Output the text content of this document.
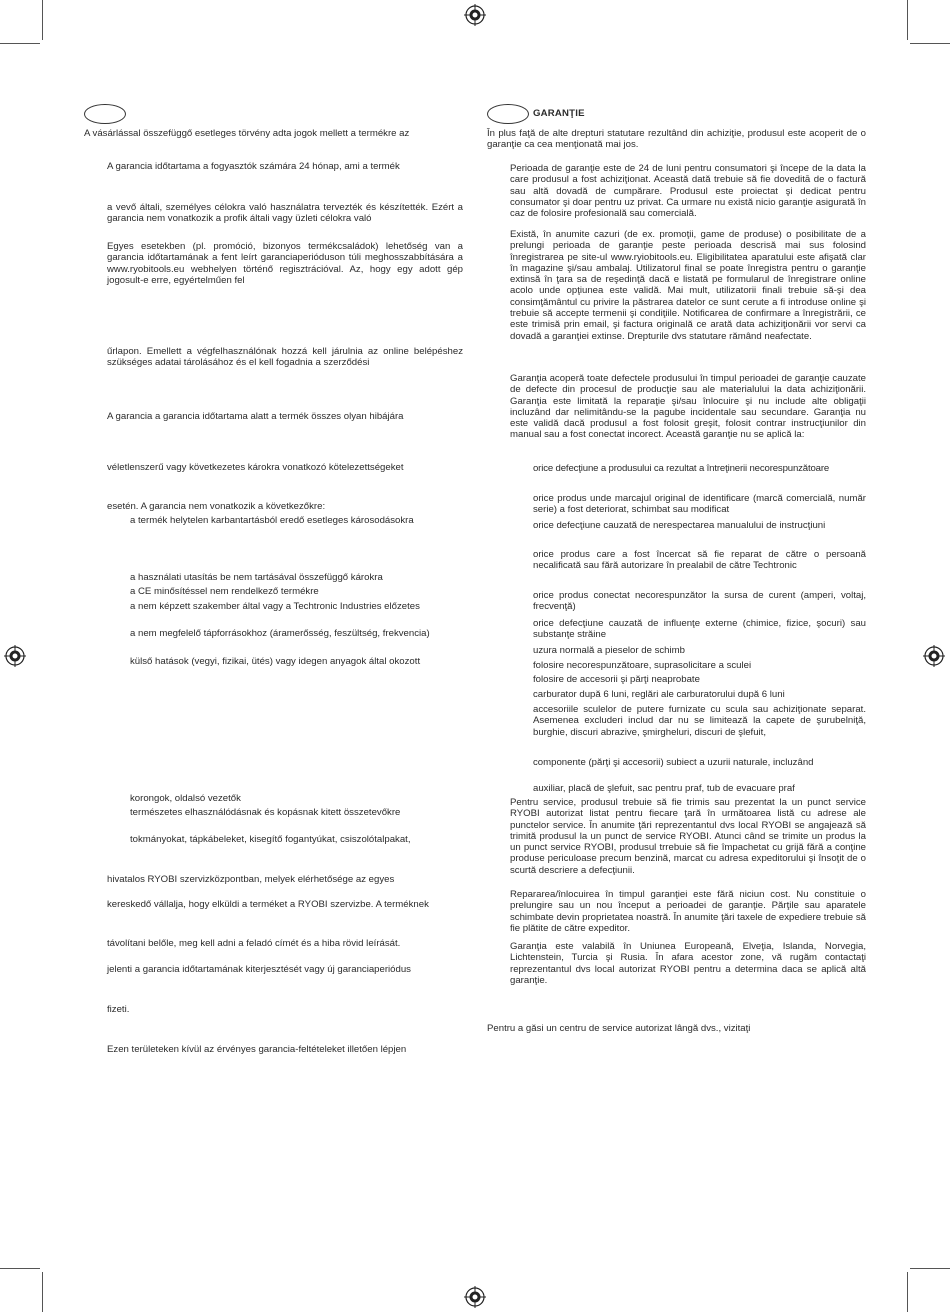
A vásárlással összefüggő esetleges törvény adta jogok mellett a termékre az
A garancia időtartama a fogyasztók számára 24 hónap, ami a termék
a vevő általi, személyes célokra való használatra tervezték és készítették. Ezért a garancia nem vonatkozik a profik általi vagy üzleti célokra való
Egyes esetekben (pl. promóció, bizonyos termékcsaládok) lehetőség van a garancia időtartamának a fent leírt garanciaperióduson túli meghosszabbítására a www.ryobitools.eu webhelyen történő regisztrációval. Az, hogy egy adott gép jogosult-e erre, egyértelműen fel
űrlapon. Emellett a végfelhasználónak hozzá kell járulnia az online belépéshez szükséges adatai tárolásához és el kell fogadnia a szerződési
A garancia a garancia időtartama alatt a termék összes olyan hibájára
véletlenszerű vagy következetes károkra vonatkozó kötelezettségeket
esetén. A garancia nem vonatkozik a következőkre:
a termék helytelen karbantartásból eredő esetleges károsodásokra
a használati utasítás be nem tartásával összefüggő károkra
a CE minősítéssel nem rendelkező termékre
a nem képzett szakember által vagy a Techtronic Industries előzetes
a nem megfelelő tápforrásokhoz (áramerősség, feszültség, frekvencia)
külső hatások (vegyi, fizikai, ütés) vagy idegen anyagok által okozott
korongok, oldalsó vezetők
természetes elhasználódásnak és kopásnak kitett összetevőkre
tokmányokat, tápkábeleket, kisegítő fogantyúkat, csiszolótalpakat,
hivatalos RYOBI szervizközpontban, melyek elérhetősége az egyes
kereskedő vállalja, hogy elküldi a terméket a RYOBI szervizbe. A terméknek
távolítani belőle, meg kell adni a feladó címét és a hiba rövid leírását.
jelenti a garancia időtartamának kiterjesztését vagy új garanciaperiódus
fizeti.
Ezen területeken kívül az érvényes garancia-feltételeket illetően lépjen
GARANŢIE
În plus faţă de alte drepturi statutare rezultând din achiziţie, produsul este acoperit de o garanţie ca cea menţionată mai jos.
Perioada de garanţie este de 24 de luni pentru consumatori şi începe de la data la care produsul a fost achiziţionat. Această dată trebuie să fie doveditā de o factură sau altă dovadă de cumpărare. Produsul este proiectat şi dedicat pentru consumator şi doar pentru uz privat. Ca urmare nu există nicio garanţie asigurată în caz de folosire profesională sau comercială.
Există, în anumite cazuri (de ex. promoţii, game de produse) o posibilitate de a prelungi perioada de garanţie peste perioada descrisă mai sus folosind înregistrarea pe site-ul www.ryiobitools.eu. Eligibilitatea aparatului este afişată clar în magazine şi/sau ambalaj. Utilizatorul final se poate înregistra pentru o garanţie extinsă în ţara sa de reşedinţă dacă e listată pe formularul de înregistrare online acolo unde opţiunea este validă. Mai mult, utilizatorii finali trebuie să-şi dea consimţământul cu privire la păstrarea datelor ce sunt cerute a fi introduse online şi trebuie să accepte termenii şi condiţiile. Notificarea de confirmare a înregistrării, ce este trimisă prin email, şi factura originală ce arată data achiziţionării vor servi ca dovadă a garanţiei extinse. Drepturile dvs statutare rămând neafectate.
Garanţia acoperă toate defectele produsului în timpul perioadei de garanţie cauzate de defecte din procesul de producţie sau ale materialului la data achiziţionării. Garanţia este limitată la reparaţie şi/sau înlocuire şi nu include alte obligaţii incluzând dar nelimitându-se la pagube incidentale sau secundare. Garanţia nu este validă dacă produsul a fost folosit greşit, folosit contrar instrucţiunilor din manual sau a fost conectat incorect. Această garanţie nu se aplică la:
orice defecţiune a produsului ca rezultat a întreţinerii necorespunzătoare
orice produs unde marcajul original de identificare (marcă comercială, număr serie) a fost deteriorat, schimbat sau modificat
orice defecţiune cauzată de nerespectarea manualului de instrucţiuni
orice produs care a fost încercat să fie reparat de către o persoană necalificată sau fără autorizare în prealabil de către Techtronic
orice produs conectat necorespunzător la sursa de curent (amperi, voltaj, frecvenţă)
orice defecţiune cauzată de influenţe externe (chimice, fizice, şocuri) sau substanţe străine
uzura normală a pieselor de schimb
folosire necorespunzătoare, suprasolicitare a sculei
folosire de accesorii şi părţi neaprobate
carburator după 6 luni, reglări ale carburatorului după 6 luni
accesoriile sculelor de putere furnizate cu scula sau achiziţionate separat. Asemenea excluderi includ dar nu se limitează la capete de şurubelniţă, burghie, discuri abrazive, şmirgheluri, discuri de şlefuit,
componente (părţi şi accesorii) subiect a uzurii naturale, incluzând
auxiliar, placă de şlefuit, sac pentru praf, tub de evacuare praf
Pentru service, produsul trebuie să fie trimis sau prezentat la un punct service RYOBI autorizat listat pentru fiecare ţară în următoarea listă cu adrese ale punctelor service. În anumite ţări reprezentantul dvs local RYOBI se angajează să trimită produsul la un punct de service RYOBI. Atunci când se trimite un produs la un punct service RYOBI, produsul trrebuie să fie împachetat cu grijă fără a conţine produse periculoase precum benzină, marcat cu adresa expeditorului şi însoţit de o scurtă descriere a defecţiunii.
Repararea/înlocuirea în timpul garanţiei este fără niciun cost. Nu constituie o prelungire sau un nou început a perioadei de garanţie. Părţile sau aparatele schimbate devin proprietatea noastră. În anumite ţări taxele de expediere trebuie să fie plătite de către expeditor.
Garanţia este valabilă în Uniunea Europeană, Elveţia, Islanda, Norvegia, Lichtenstein, Turcia şi Rusia. În afara acestor zone, vă rugăm contactaţi reprezentantul dvs local autorizat RYOBI pentru a determina daca se aplică altă garanţie.
Pentru a găsi un centru de service autorizat lângă dvs., vizitaţi
